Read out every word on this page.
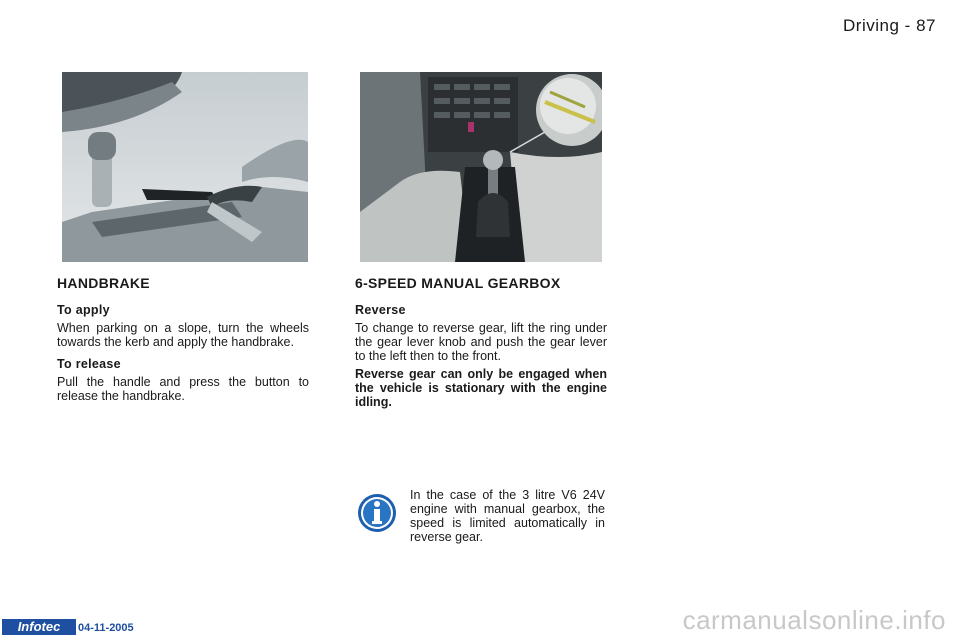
Driving - 87
HANDBRAKE	6-SPEED MANUAL GEARBOX

To apply

When parking on a slope, turn the wheels towards the kerb and apply the handbrake.

To release

Pull the handle and press the button to release the handbrake.

Reverse

To change to reverse gear, lift the ring under the gear lever knob and push the gear lever to the left then to the front.

Reverse gear can only be engaged when the vehicle is stationary with the engine idling.

In the case of the 3 litre V6 24V engine with manual gearbox, the speed is limited automatically in reverse gear.
Infotec	04-11-2005	carmanualsonline.info
